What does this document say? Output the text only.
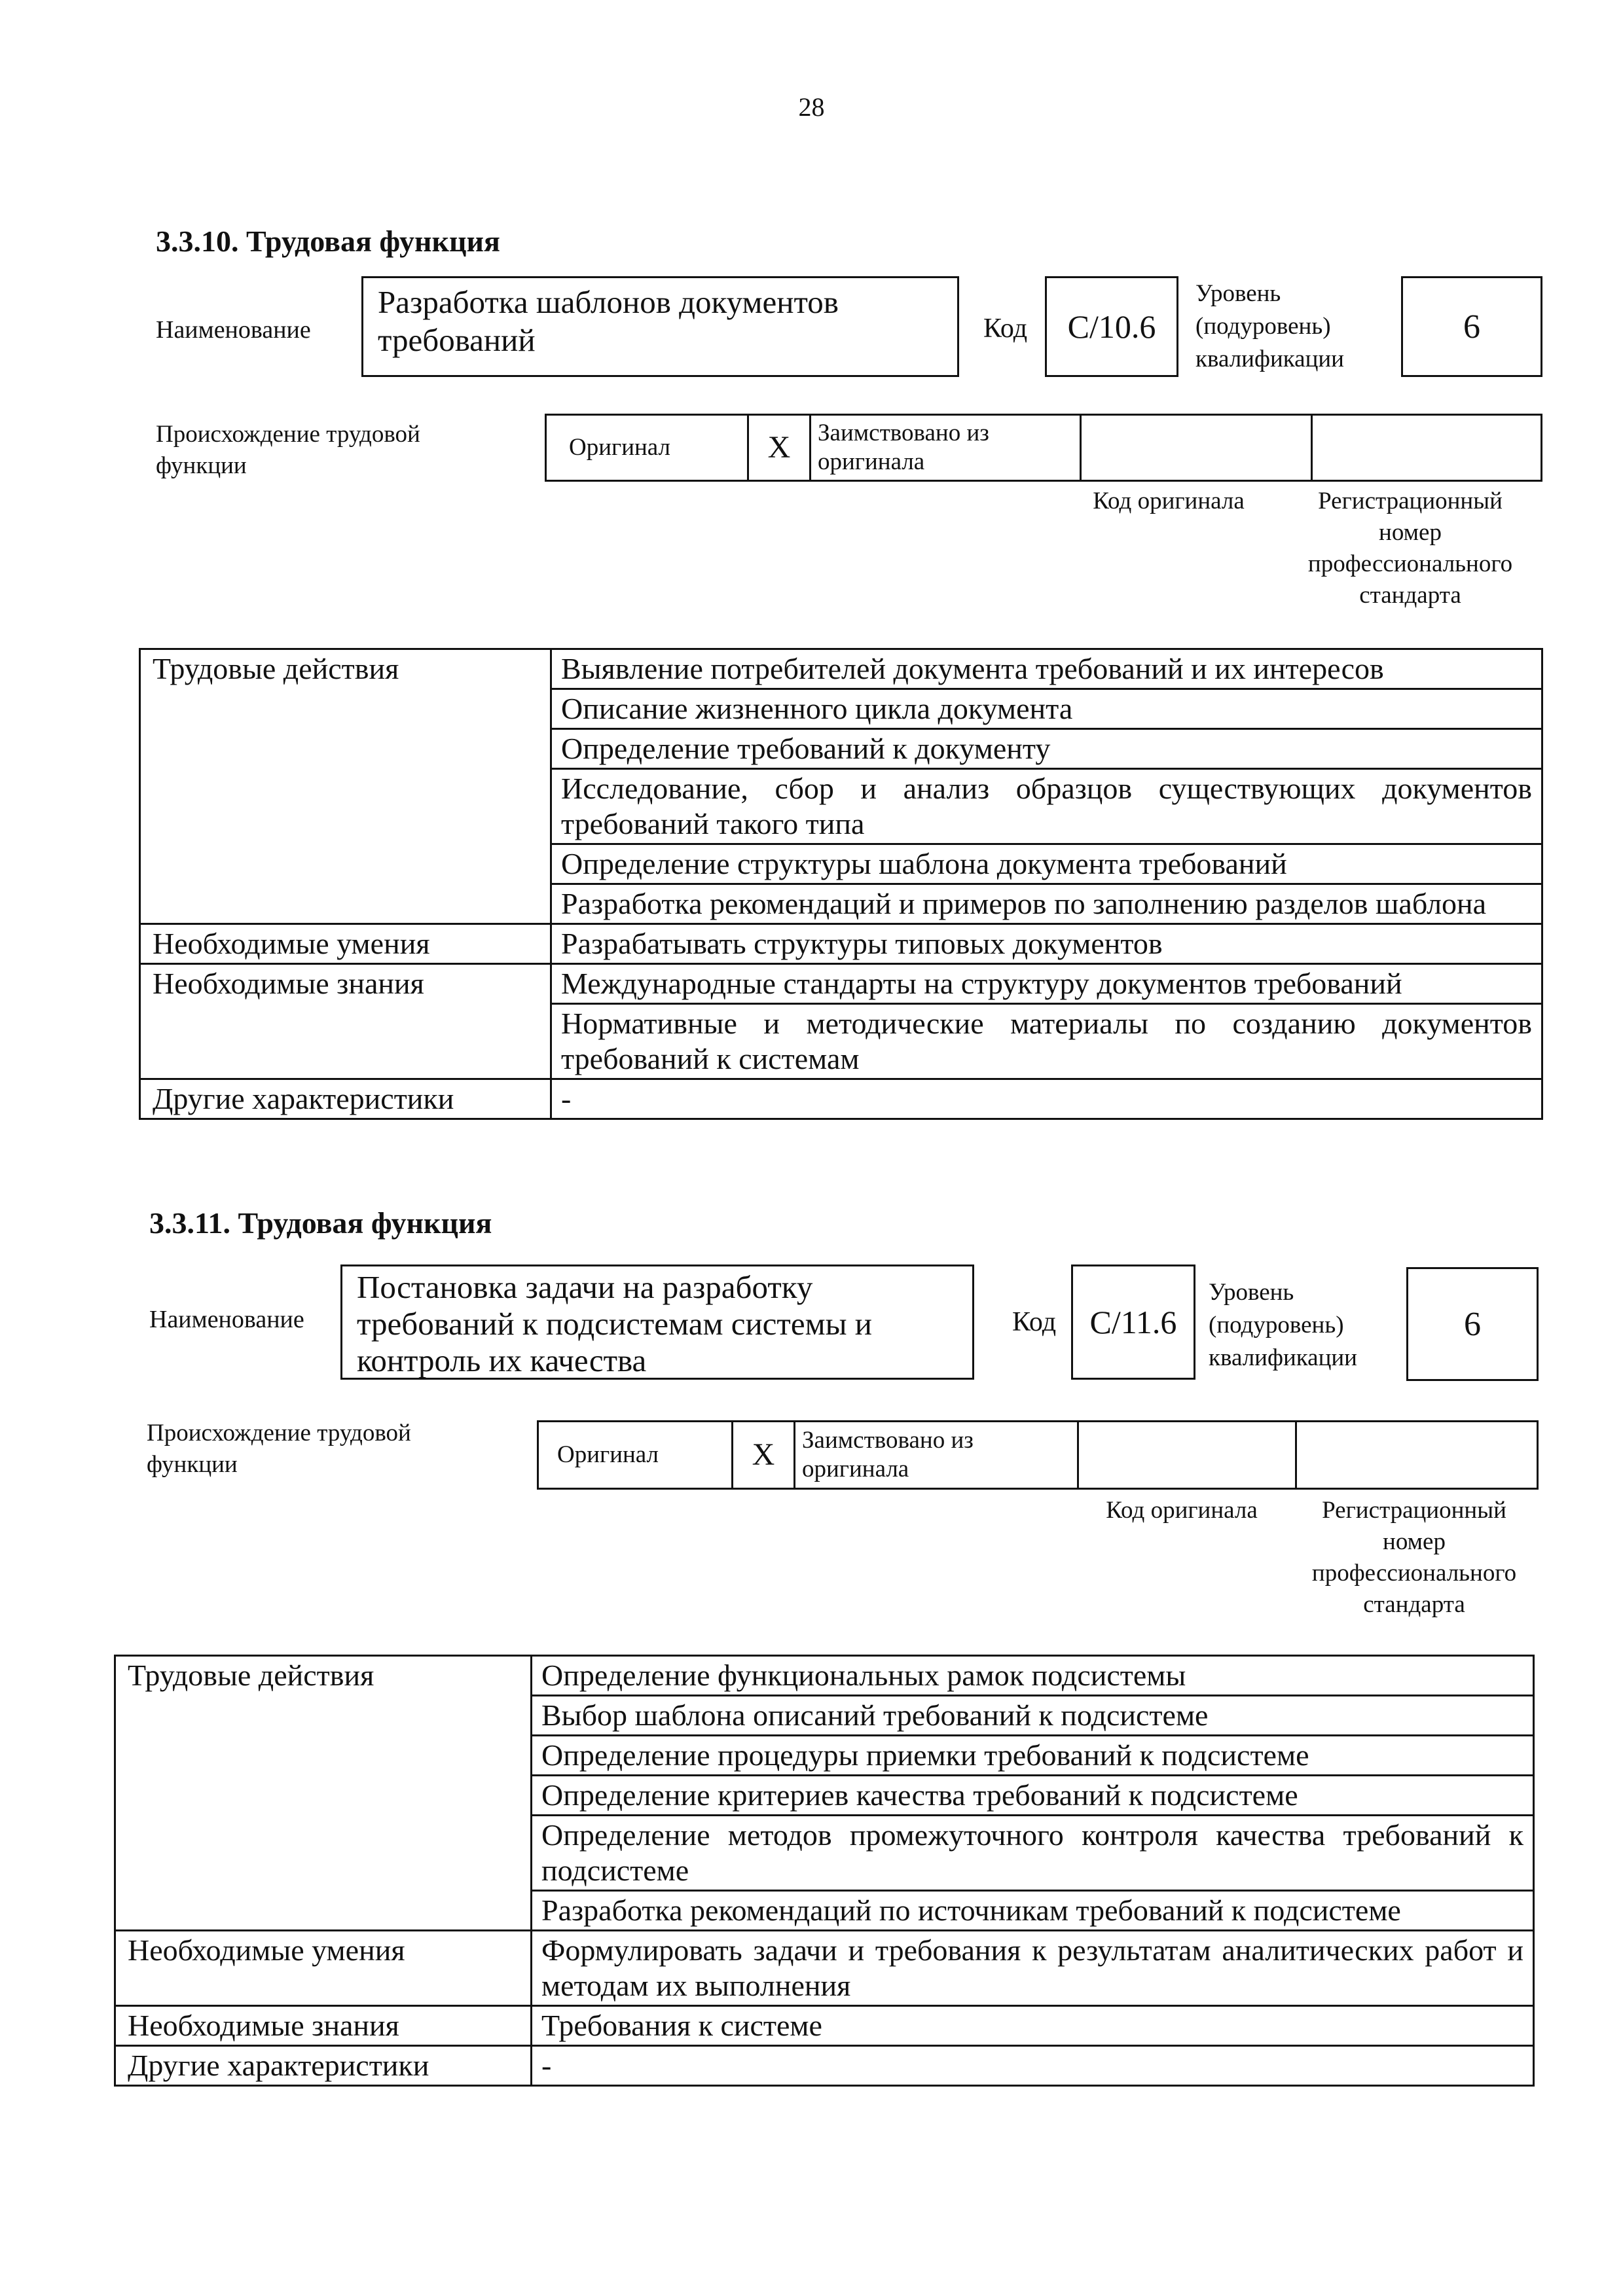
28
3.3.10. Трудовая функция
Наименование
Разработка шаблонов документов
требований	Код	C/10.6
Уровень
(подуровень)
квалификации
6
Происхождение трудовой
функции
Оригинал	X	Заимствовано из
оригинала

Код оригинала	Регистрационный
номер
профессионального
стандарта
Трудовые действия	Выявление потребителей документа требований и их интересов
	Описание жизненного цикла документа
	Определение требований к документу
	Исследование, сбор и анализ образцов существующих документов требований такого типа
	Определение структуры шаблона документа требований
	Разработка рекомендаций и примеров по заполнению разделов шаблона
Необходимые умения	Разрабатывать структуры типовых документов
Необходимые знания	Международные стандарты на структуру документов требований
	Нормативные и методические материалы по созданию документов требований к системам
Другие характеристики	-
3.3.11. Трудовая функция
Наименование
Постановка задачи на разработку
требований к подсистемам системы и
контроль их качества
Код	C/11.6
Уровень
(подуровень)
квалификации
6
Происхождение трудовой
функции	Оригинал	X	Заимствовано из
оригинала

Код оригинала	Регистрационный
номер
профессионального
стандарта
Трудовые действия	Определение функциональных рамок подсистемы
	Выбор шаблона описаний требований к подсистеме
	Определение процедуры приемки требований к подсистеме
	Определение критериев качества требований к подсистеме
	Определение методов промежуточного контроля качества требований к подсистеме
	Разработка рекомендаций по источникам требований к подсистеме
Необходимые умения	Формулировать задачи и требования к результатам аналитических работ и методам их выполнения
Необходимые знания	Требования к системе
Другие характеристики	-
